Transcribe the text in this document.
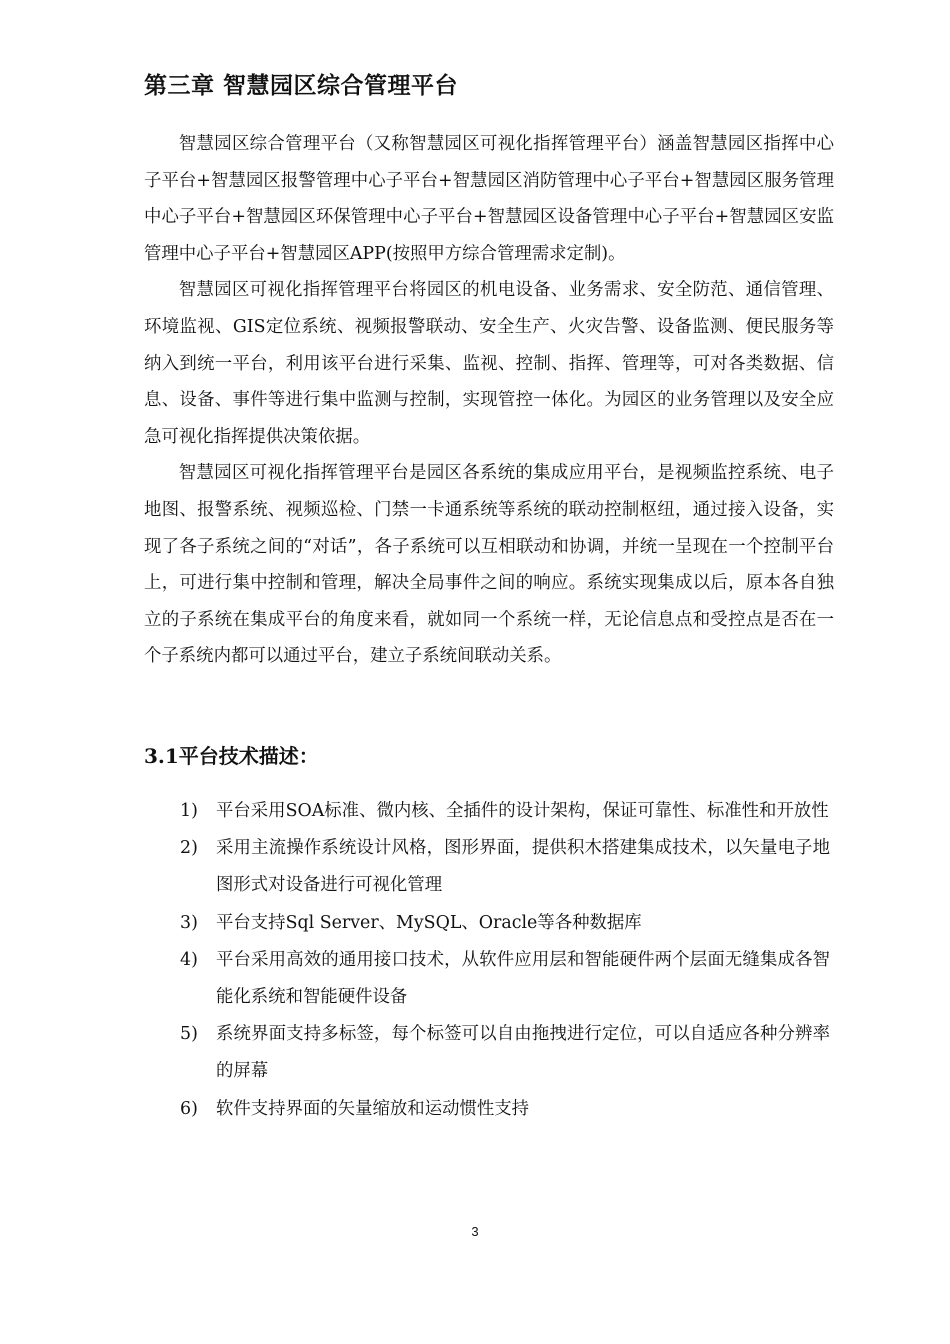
第三章 智慧园区综合管理平台

智慧园区综合管理平台（又称智慧园区可视化指挥管理平台）涵盖智慧园区指挥中心子平台+智慧园区报警管理中心子平台+智慧园区消防管理中心子平台+智慧园区服务管理中心子平台+智慧园区环保管理中心子平台+智慧园区设备管理中心子平台+智慧园区安监管理中心子平台+智慧园区APP(按照甲方综合管理需求定制)。

智慧园区可视化指挥管理平台将园区的机电设备、业务需求、安全防范、通信管理、环境监视、GIS定位系统、视频报警联动、安全生产、火灾告警、设备监测、便民服务等纳入到统一平台，利用该平台进行采集、监视、控制、指挥、管理等，可对各类数据、信息、设备、事件等进行集中监测与控制，实现管控一体化。为园区的业务管理以及安全应急可视化指挥提供决策依据。

智慧园区可视化指挥管理平台是园区各系统的集成应用平台，是视频监控系统、电子地图、报警系统、视频巡检、门禁一卡通系统等系统的联动控制枢纽，通过接入设备，实现了各子系统之间的“对话”，各子系统可以互相联动和协调，并统一呈现在一个控制平台上，可进行集中控制和管理，解决全局事件之间的响应。系统实现集成以后，原本各自独立的子系统在集成平台的角度来看，就如同一个系统一样，无论信息点和受控点是否在一个子系统内都可以通过平台，建立子系统间联动关系。

3.1平台技术描述：
1)	平台采用SOA标准、微内核、全插件的设计架构，保证可靠性、标准性和开放性
2)	采用主流操作系统设计风格，图形界面，提供积木搭建集成技术，以矢量电子地图形式对设备进行可视化管理
3)	平台支持Sql Server、MySQL、Oracle等各种数据库
4)	平台采用高效的通用接口技术，从软件应用层和智能硬件两个层面无缝集成各智能化系统和智能硬件设备
5)	系统界面支持多标签，每个标签可以自由拖拽进行定位，可以自适应各种分辨率的屏幕
6)	软件支持界面的矢量缩放和运动惯性支持
3
